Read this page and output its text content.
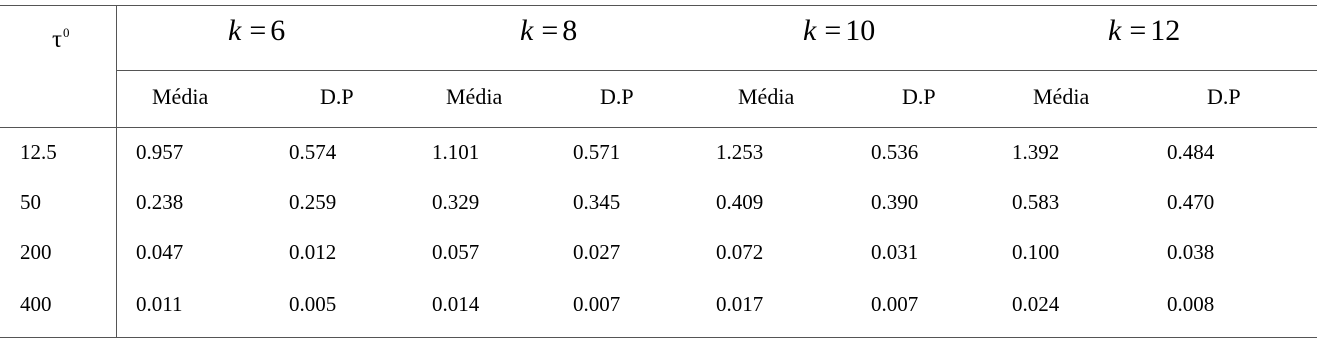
$\tau^0$	k = 6	k = 8	k = 10	k = 12
Média	D.P	Média	D.P	Média	D.P	Média	D.P
12.5	0.957	0.574	1.101	0.571	1.253	0.536	1.392	0.484
50	0.238	0.259	0.329	0.345	0.409	0.390	0.583	0.470
200	0.047	0.012	0.057	0.027	0.072	0.031	0.100	0.038
400	0.011	0.005	0.014	0.007	0.017	0.007	0.024	0.008
